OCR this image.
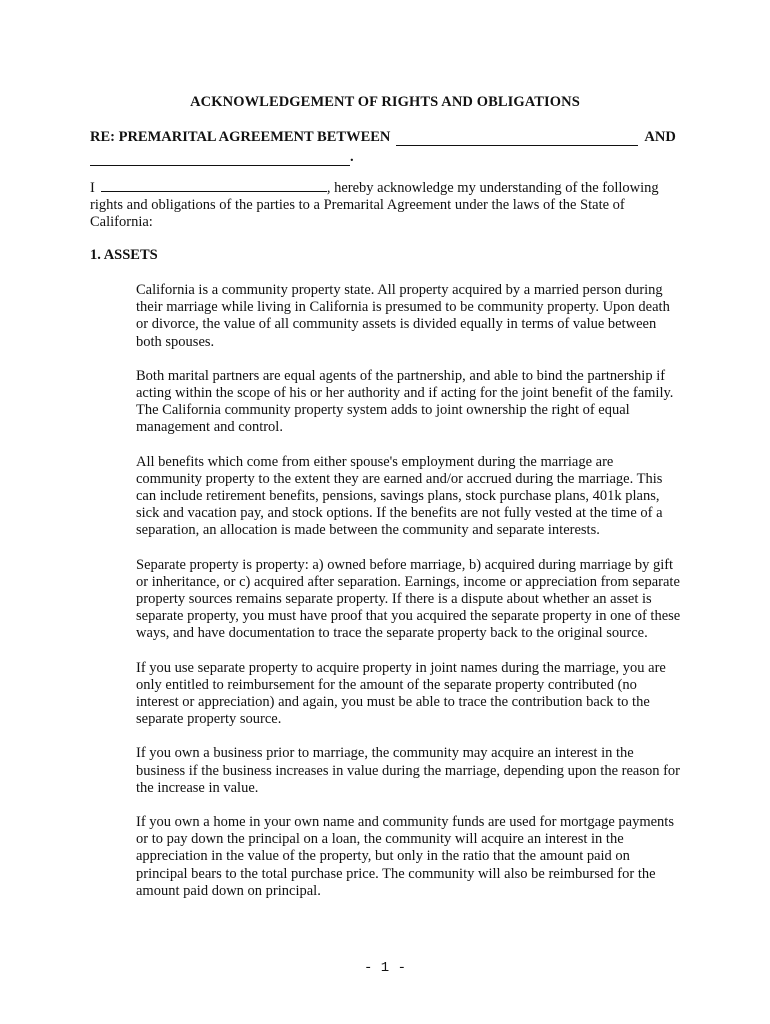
ACKNOWLEDGEMENT OF RIGHTS AND OBLIGATIONS
RE: PREMARITAL AGREEMENT BETWEEN	AND
.
I	, hereby acknowledge my understanding of the following rights and obligations of the parties to a Premarital Agreement under the laws of the State of California:
1. ASSETS

California is a community property state. All property acquired by a married person during their marriage while living in California is presumed to be community property. Upon death or divorce, the value of all community assets is divided equally in terms of value between both spouses.

Both marital partners are equal agents of the partnership, and able to bind the partnership if acting within the scope of his or her authority and if acting for the joint benefit of the family. The California community property system adds to joint ownership the right of equal management and control.

All benefits which come from either spouse's employment during the marriage are community property to the extent they are earned and/or accrued during the marriage. This can include retirement benefits, pensions, savings plans, stock purchase plans, 401k plans, sick and vacation pay, and stock options. If the benefits are not fully vested at the time of a separation, an allocation is made between the community and separate interests.

Separate property is property: a) owned before marriage, b) acquired during marriage by gift or inheritance, or c) acquired after separation. Earnings, income or appreciation from separate property sources remains separate property. If there is a dispute about whether an asset is separate property, you must have proof that you acquired the separate property in one of these ways, and have documentation to trace the separate property back to the original source.

If you use separate property to acquire property in joint names during the marriage, you are only entitled to reimbursement for the amount of the separate property contributed (no interest or appreciation) and again, you must be able to trace the contribution back to the separate property source.

If you own a business prior to marriage, the community may acquire an interest in the business if the business increases in value during the marriage, depending upon the reason for the increase in value.

If you own a home in your own name and community funds are used for mortgage payments or to pay down the principal on a loan, the community will acquire an interest in the appreciation in the value of the property, but only in the ratio that the amount paid on principal bears to the total purchase price. The community will also be reimbursed for the amount paid down on principal.

- 1 -
